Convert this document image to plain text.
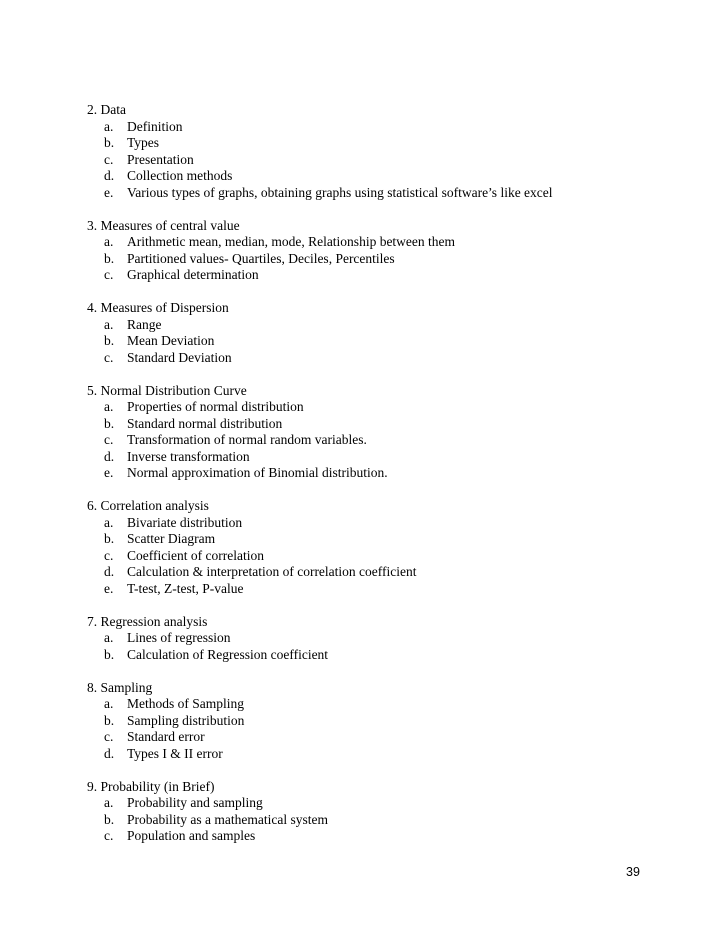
2. Data
a.	Definition
b. Types
c.	Presentation
d. Collection methods
e.	Various types of graphs, obtaining graphs using statistical software’s like excel
3. Measures of central value
a.	Arithmetic mean, median, mode, Relationship between them
b. Partitioned values- Quartiles, Deciles, Percentiles
c.	Graphical determination
4. Measures of Dispersion
a.	Range
b. Mean Deviation
c.	Standard Deviation
5. Normal Distribution Curve
a.	Properties of normal distribution
b. Standard normal distribution
c.	Transformation of normal random variables.
d. Inverse transformation
e.	Normal approximation of Binomial distribution.
6. Correlation analysis
a.	Bivariate distribution
b. Scatter Diagram
c.	Coefficient of correlation
d. Calculation & interpretation of correlation coefficient
e.	T-test, Z-test, P-value
7. Regression analysis
a.	Lines of regression
b. Calculation of Regression coefficient
8. Sampling
a.	Methods of Sampling
b. Sampling distribution
c.	Standard error
d. Types I & II error
9. Probability (in Brief)
a.	Probability and sampling
b. Probability as a mathematical system
c.	Population and samples
39
